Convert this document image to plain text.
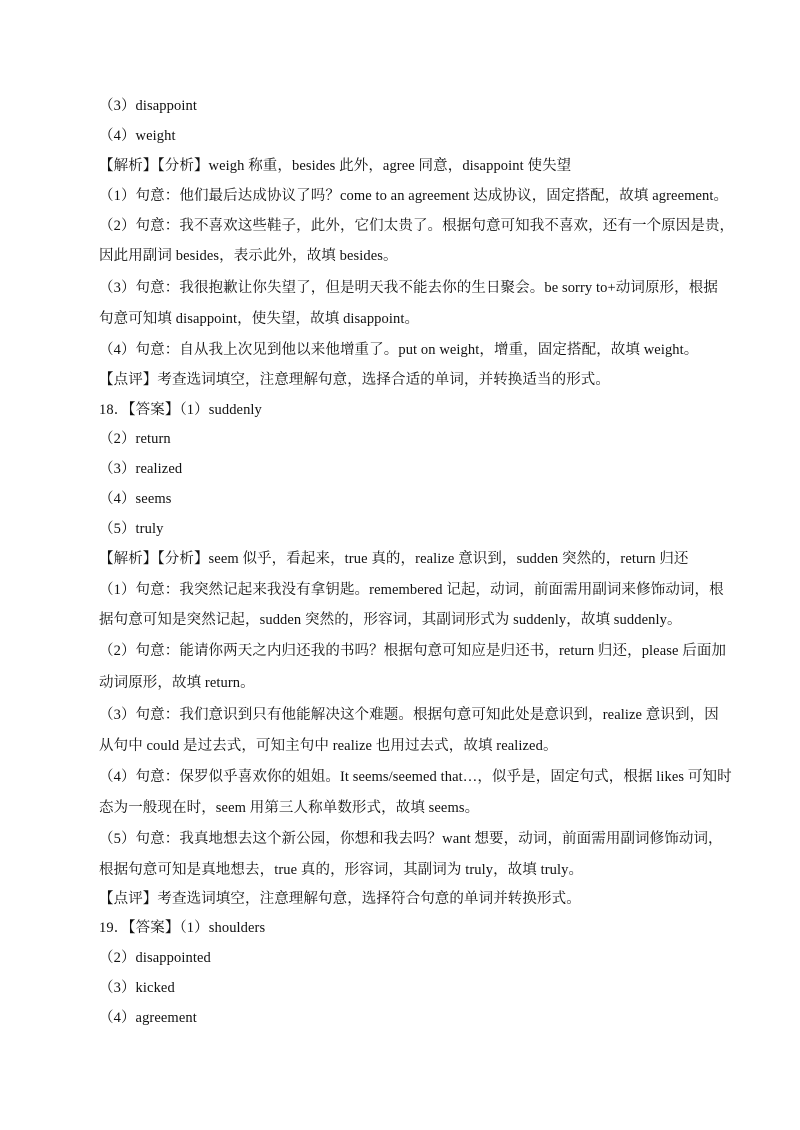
（3）disappoint
（4）weight
【解析】【分析】weigh 称重，besides 此外，agree 同意，disappoint 使失望
（1）句意：他们最后达成协议了吗？come to an agreement 达成协议，固定搭配，故填 agreement。
（2）句意：我不喜欢这些鞋子，此外，它们太贵了。根据句意可知我不喜欢，还有一个原因是贵，
因此用副词 besides，表示此外，故填 besides。
（3）句意：我很抱歉让你失望了，但是明天我不能去你的生日聚会。be sorry to+动词原形，根据
句意可知填 disappoint，使失望，故填 disappoint。
（4）句意：自从我上次见到他以来他增重了。put on weight，增重，固定搭配，故填 weight。
【点评】考查选词填空，注意理解句意，选择合适的单词，并转换适当的形式。
18．【答案】（1）suddenly
（2）return
（3）realized
（4）seems
（5）truly
【解析】【分析】seem 似乎，看起来，true 真的，realize 意识到，sudden 突然的，return 归还
（1）句意：我突然记起来我没有拿钥匙。remembered 记起，动词，前面需用副词来修饰动词，根
据句意可知是突然记起，sudden 突然的，形容词，其副词形式为 suddenly，故填 suddenly。
（2）句意：能请你两天之内归还我的书吗？根据句意可知应是归还书，return 归还，please 后面加
动词原形，故填 return。
（3）句意：我们意识到只有他能解决这个难题。根据句意可知此处是意识到，realize 意识到，因
从句中 could 是过去式，可知主句中 realize 也用过去式，故填 realized。
（4）句意：保罗似乎喜欢你的姐姐。It seems/seemed that…，似乎是，固定句式，根据 likes 可知时
态为一般现在时，seem 用第三人称单数形式，故填 seems。
（5）句意：我真地想去这个新公园，你想和我去吗？want 想要，动词，前面需用副词修饰动词，
根据句意可知是真地想去，true 真的，形容词，其副词为 truly，故填 truly。
【点评】考查选词填空，注意理解句意，选择符合句意的单词并转换形式。
19．【答案】（1）shoulders
（2）disappointed
（3）kicked
（4）agreement
